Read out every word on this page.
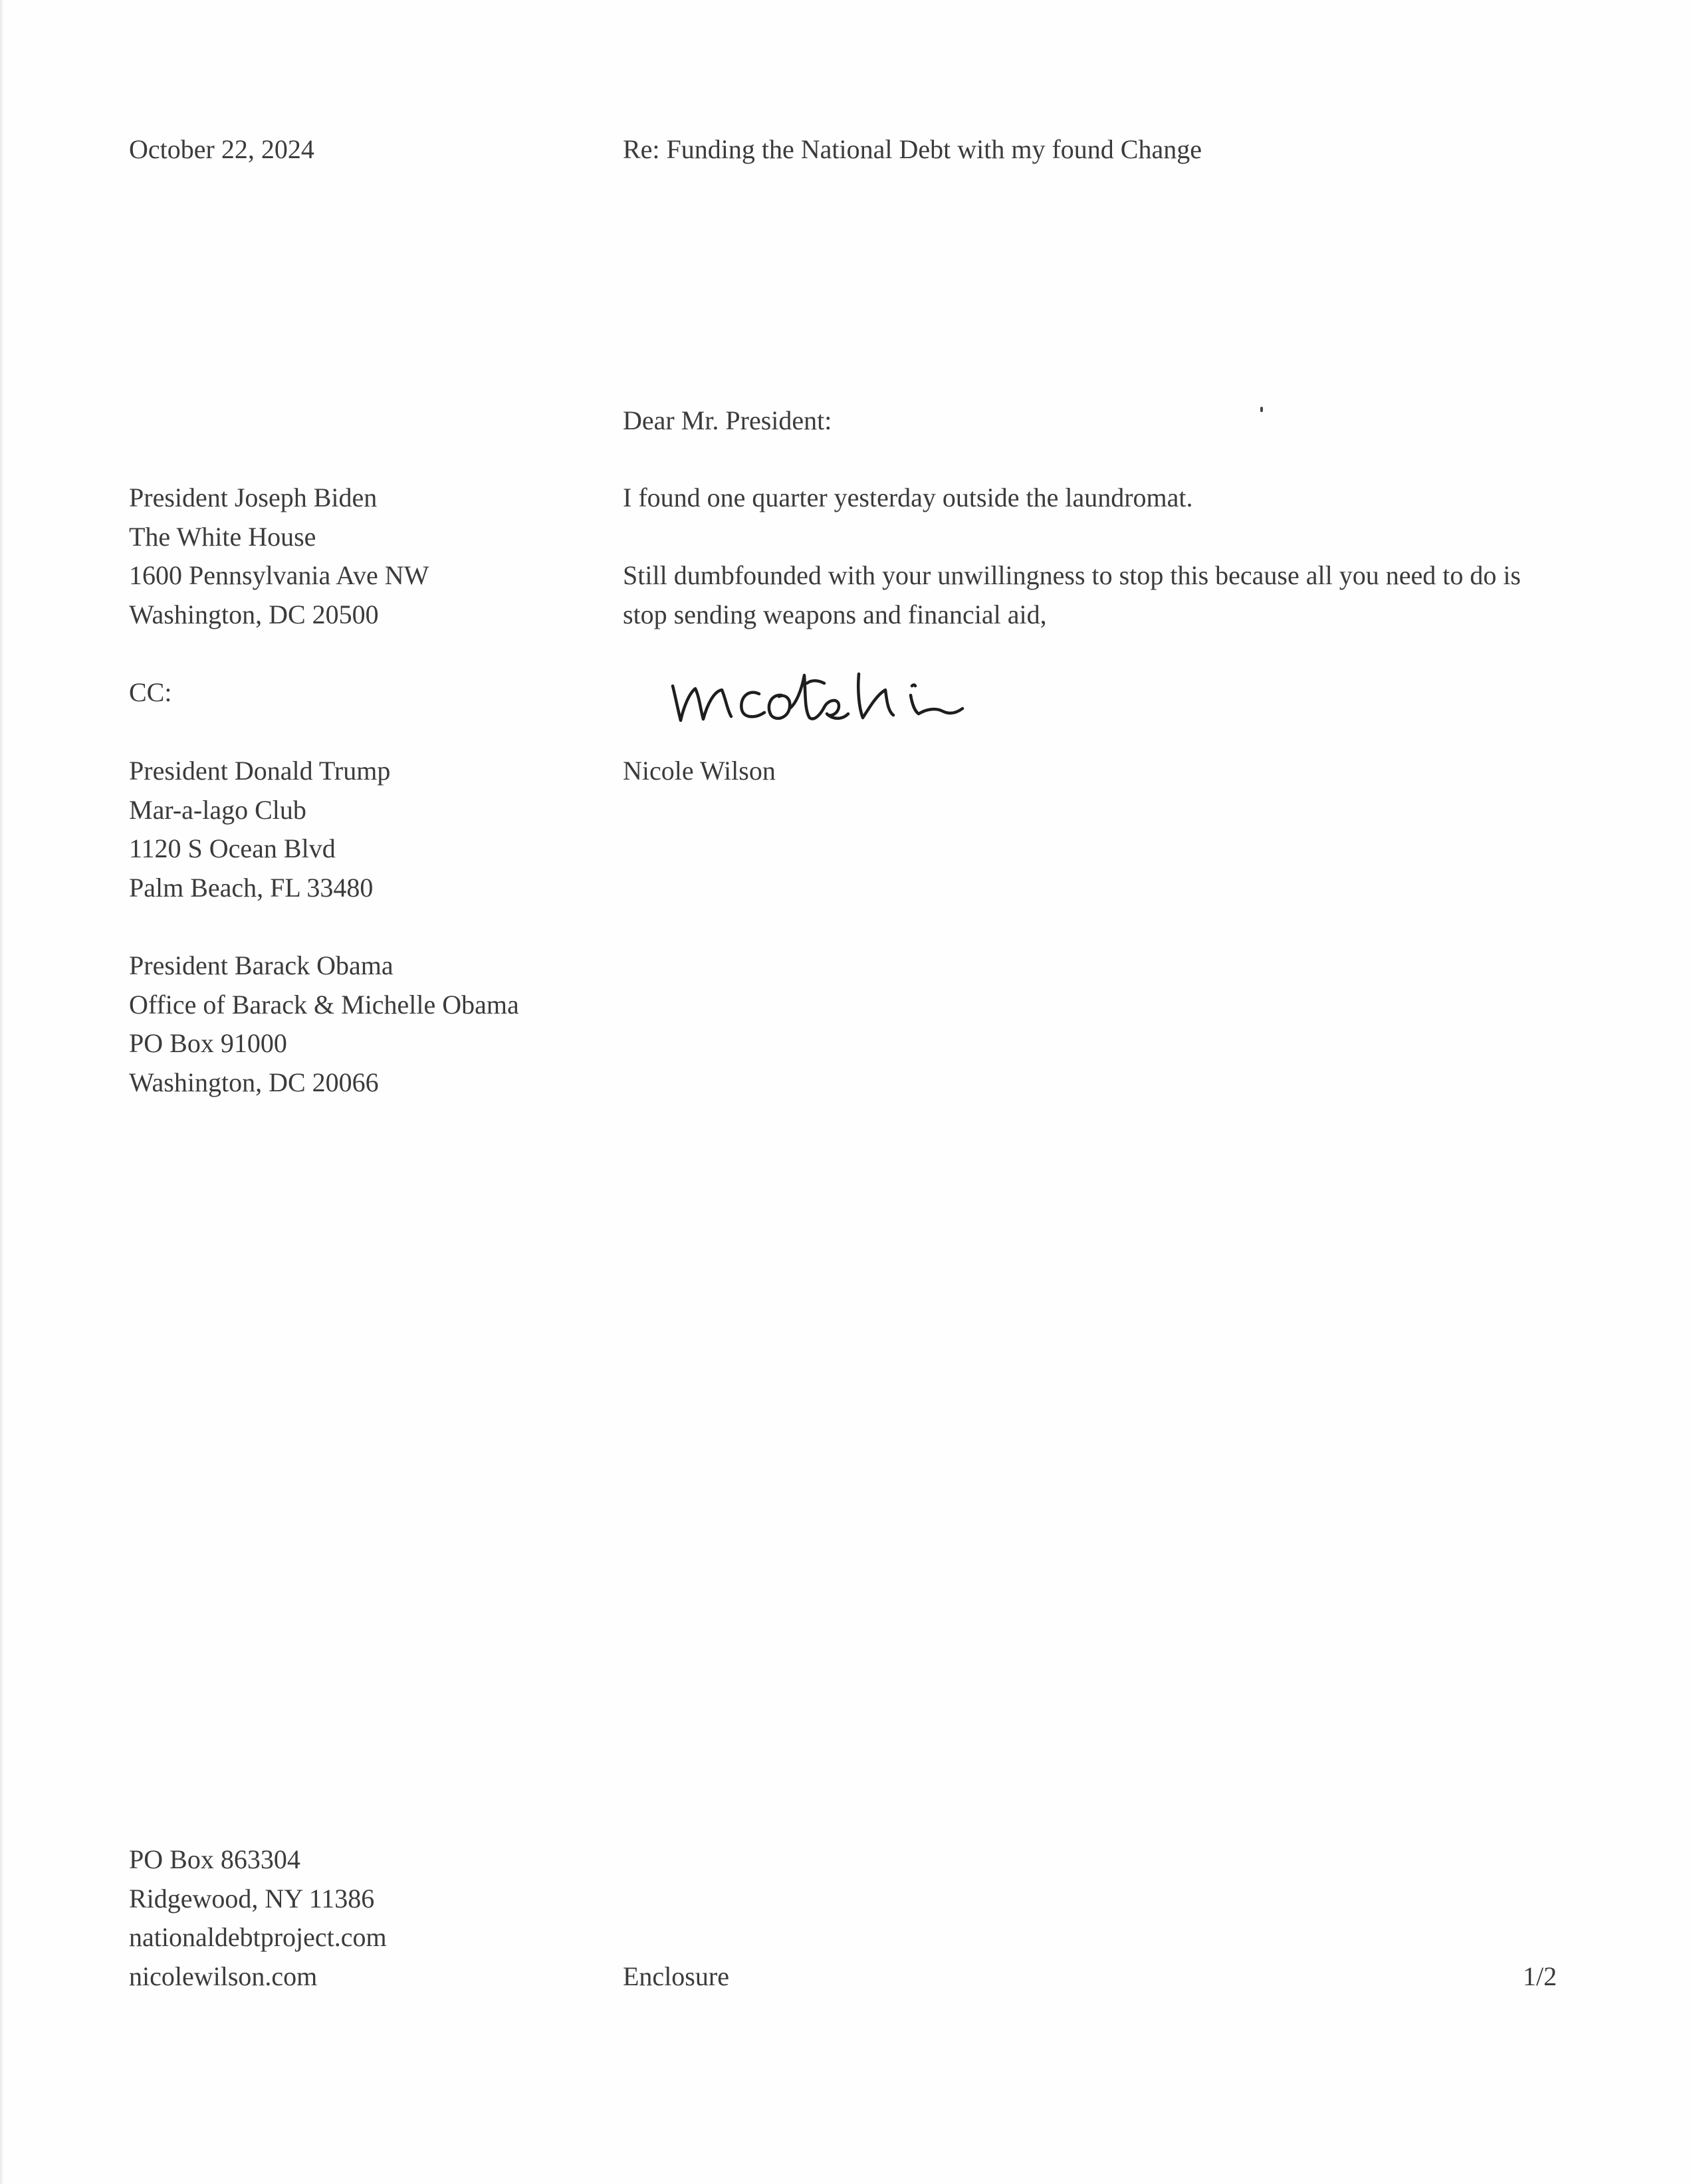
October 22, 2024	Re: Funding the National Debt with my found Change
Dear Mr. President:
President Joseph Biden
The White House
1600 Pennsylvania Ave NW
Washington, DC 20500
I found one quarter yesterday outside the laundromat.
Still dumbfounded with your unwillingness to stop this because all you need to do is
stop sending weapons and financial aid,
CC:
Nicole Wilson
Nicole Wilson
President Donald Trump
Mar-a-lago Club
1120 S Ocean Blvd
Palm Beach, FL 33480
President Barack Obama
Office of Barack & Michelle Obama
PO Box 91000
Washington, DC 20066
PO Box 863304
Ridgewood, NY 11386
nationaldebtproject.com
nicolewilson.com	Enclosure	1/2
